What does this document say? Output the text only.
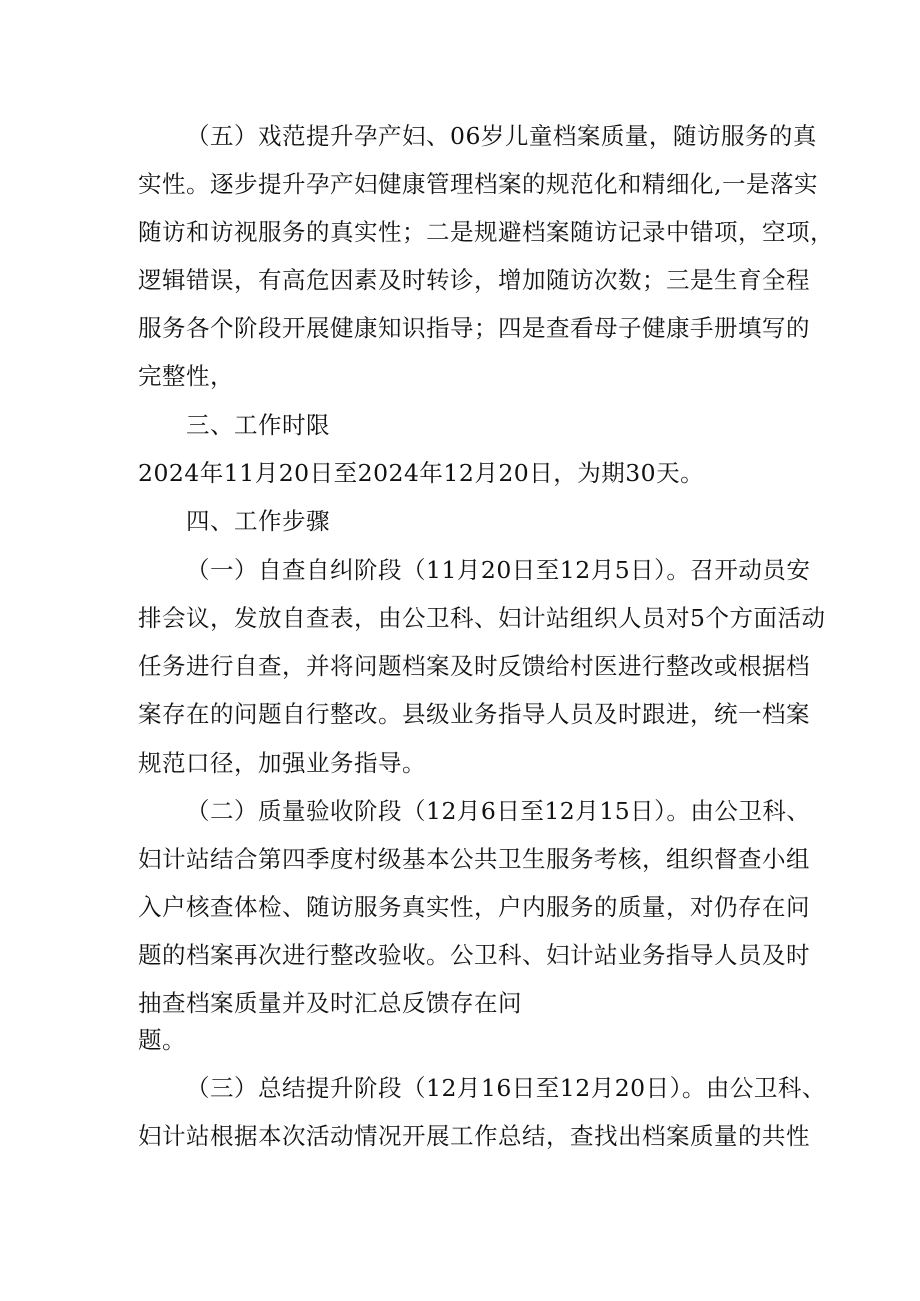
（五）戏范提升孕产妇、06岁儿童档案质量，随访服务的真
实性。逐步提升孕产妇健康管理档案的规范化和精细化,一是落实
随访和访视服务的真实性；二是规避档案随访记录中错项，空项，
逻辑错误，有高危因素及时转诊，增加随访次数；三是生育全程
服务各个阶段开展健康知识指导；四是查看母子健康手册填写的
完整性，
三、工作时限
2024年11月20日至2024年12月20日，为期30天。
四、工作步骤
（一）自查自纠阶段（11月20日至12月5日）。召开动员安
排会议，发放自查表，由公卫科、妇计站组织人员对5个方面活动
任务进行自查，并将问题档案及时反馈给村医进行整改或根据档
案存在的问题自行整改。县级业务指导人员及时跟进，统一档案
规范口径，加强业务指导。
（二）质量验收阶段（12月6日至12月15日）。由公卫科、
妇计站结合第四季度村级基本公共卫生服务考核，组织督查小组
入户核查体检、随访服务真实性，户内服务的质量，对仍存在问
题的档案再次进行整改验收。公卫科、妇计站业务指导人员及时
抽查档案质量并及时汇总反馈存在问
题。
（三）总结提升阶段（12月16日至12月20日）。由公卫科、
妇计站根据本次活动情况开展工作总结，查找出档案质量的共性
